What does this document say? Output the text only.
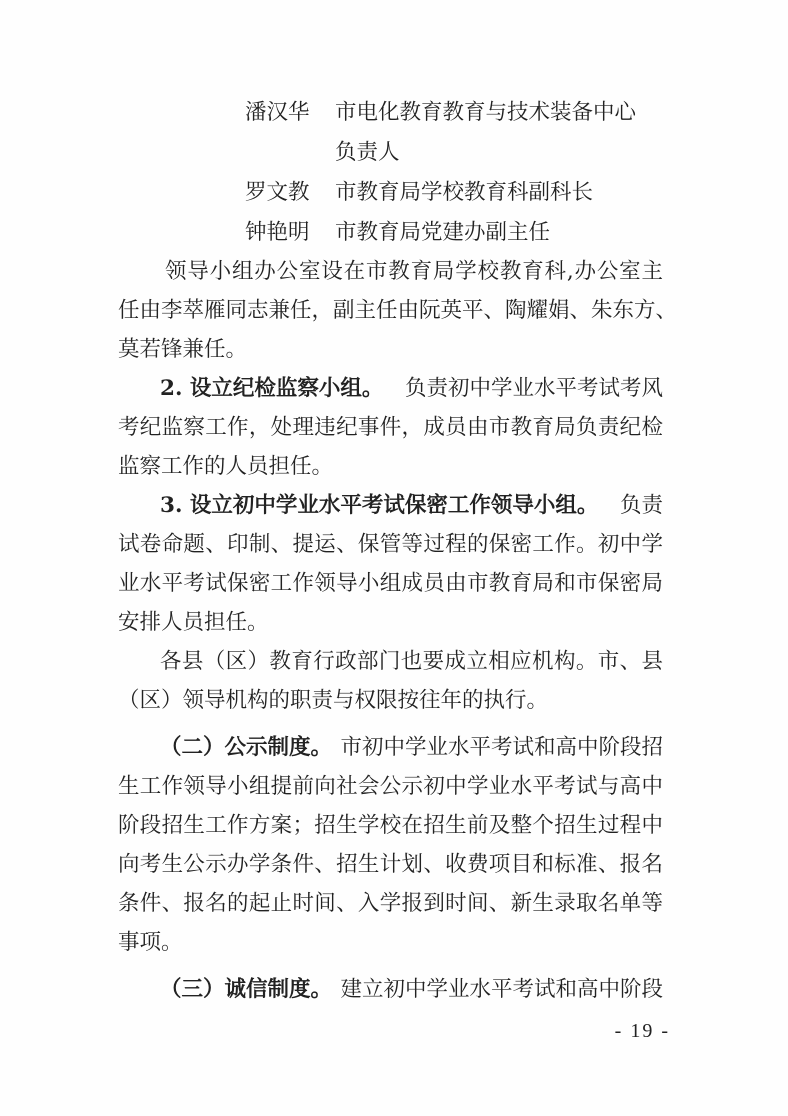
潘汉华 市电化教育教育与技术装备中心
负责人
罗文教 市教育局学校教育科副科长
钟艳明 市教育局党建办副主任
领导小组办公室设在市教育局学校教育科,办公室主
任由李萃雁同志兼任，副主任由阮英平、陶耀娟、朱东方、
莫若锋兼任。
2. 设立纪检监察小组。 负责初中学业水平考试考风
考纪监察工作，处理违纪事件，成员由市教育局负责纪检
监察工作的人员担任。
3. 设立初中学业水平考试保密工作领导小组。 负责
试卷命题、印制、提运、保管等过程的保密工作。初中学
业水平考试保密工作领导小组成员由市教育局和市保密局
安排人员担任。
各县（区）教育行政部门也要成立相应机构。市、县
（区）领导机构的职责与权限按往年的执行。
（二）公示制度。 市初中学业水平考试和高中阶段招
生工作领导小组提前向社会公示初中学业水平考试与高中
阶段招生工作方案；招生学校在招生前及整个招生过程中
向考生公示办学条件、招生计划、收费项目和标准、报名
条件、报名的起止时间、入学报到时间、新生录取名单等
事项。
（三）诚信制度。 建立初中学业水平考试和高中阶段
- 19 -
